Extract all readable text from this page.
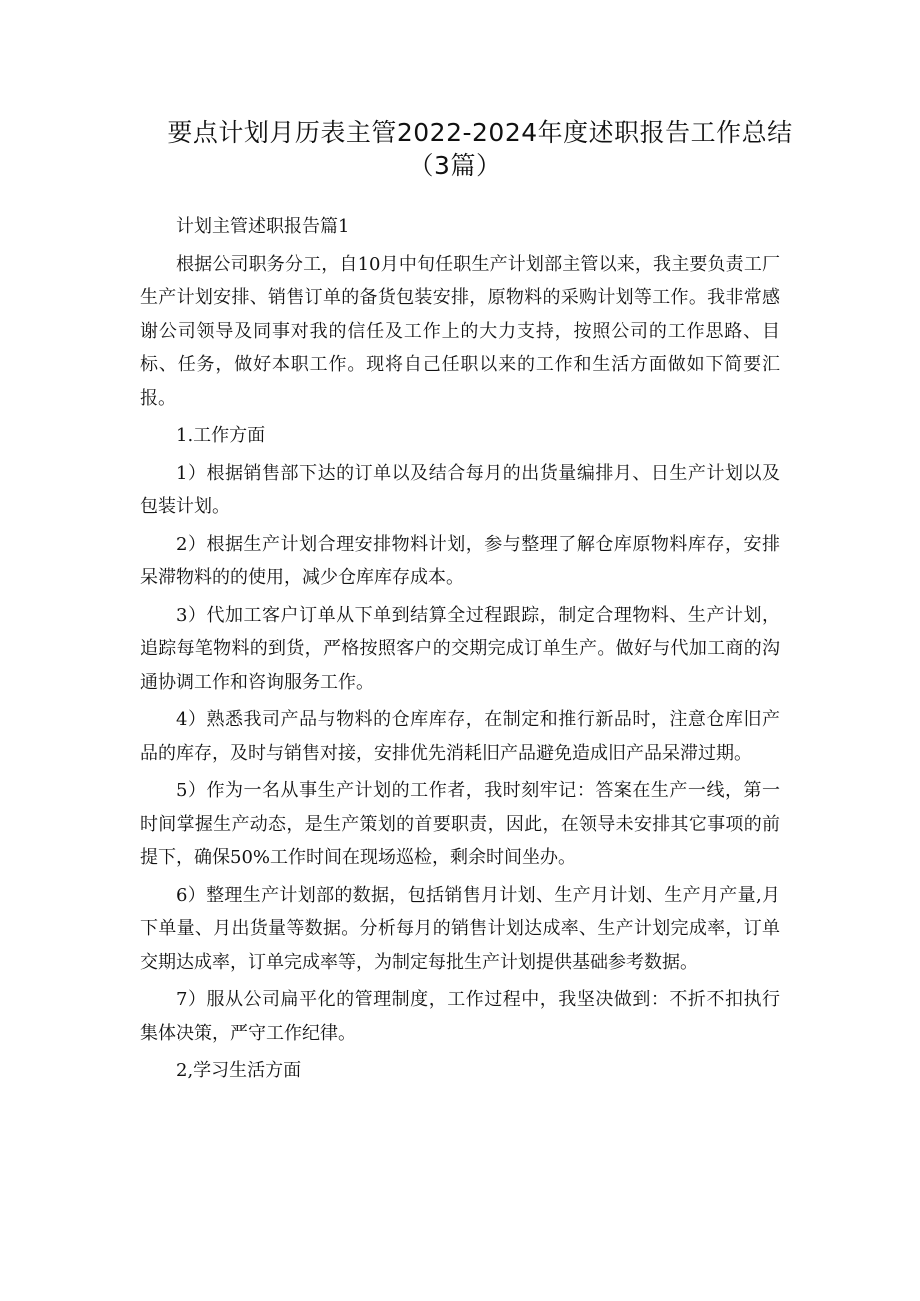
要点计划月历表主管2022-2024年度述职报告工作总结
（3篇）

计划主管述职报告篇1

根据公司职务分工，自10月中旬任职生产计划部主管以来，我主要负责工厂生产计划安排、销售订单的备货包装安排，原物料的采购计划等工作。我非常感谢公司领导及同事对我的信任及工作上的大力支持，按照公司的工作思路、目标、任务，做好本职工作。现将自己任职以来的工作和生活方面做如下简要汇报。

1.工作方面

1）根据销售部下达的订单以及结合每月的出货量编排月、日生产计划以及包装计划。

2）根据生产计划合理安排物料计划，参与整理了解仓库原物料库存，安排呆滞物料的的使用，减少仓库库存成本。

3）代加工客户订单从下单到结算全过程跟踪，制定合理物料、生产计划，追踪每笔物料的到货，严格按照客户的交期完成订单生产。做好与代加工商的沟通协调工作和咨询服务工作。

4）熟悉我司产品与物料的仓库库存，在制定和推行新品时，注意仓库旧产品的库存，及时与销售对接，安排优先消耗旧产品避免造成旧产品呆滞过期。

5）作为一名从事生产计划的工作者，我时刻牢记：答案在生产一线，第一时间掌握生产动态，是生产策划的首要职责，因此，在领导未安排其它事项的前提下，确保50%工作时间在现场巡检，剩余时间坐办。

6）整理生产计划部的数据，包括销售月计划、生产月计划、生产月产量,月下单量、月出货量等数据。分析每月的销售计划达成率、生产计划完成率，订单交期达成率，订单完成率等，为制定每批生产计划提供基础参考数据。

7）服从公司扁平化的管理制度，工作过程中，我坚决做到：不折不扣执行集体决策，严守工作纪律。

2,学习生活方面
